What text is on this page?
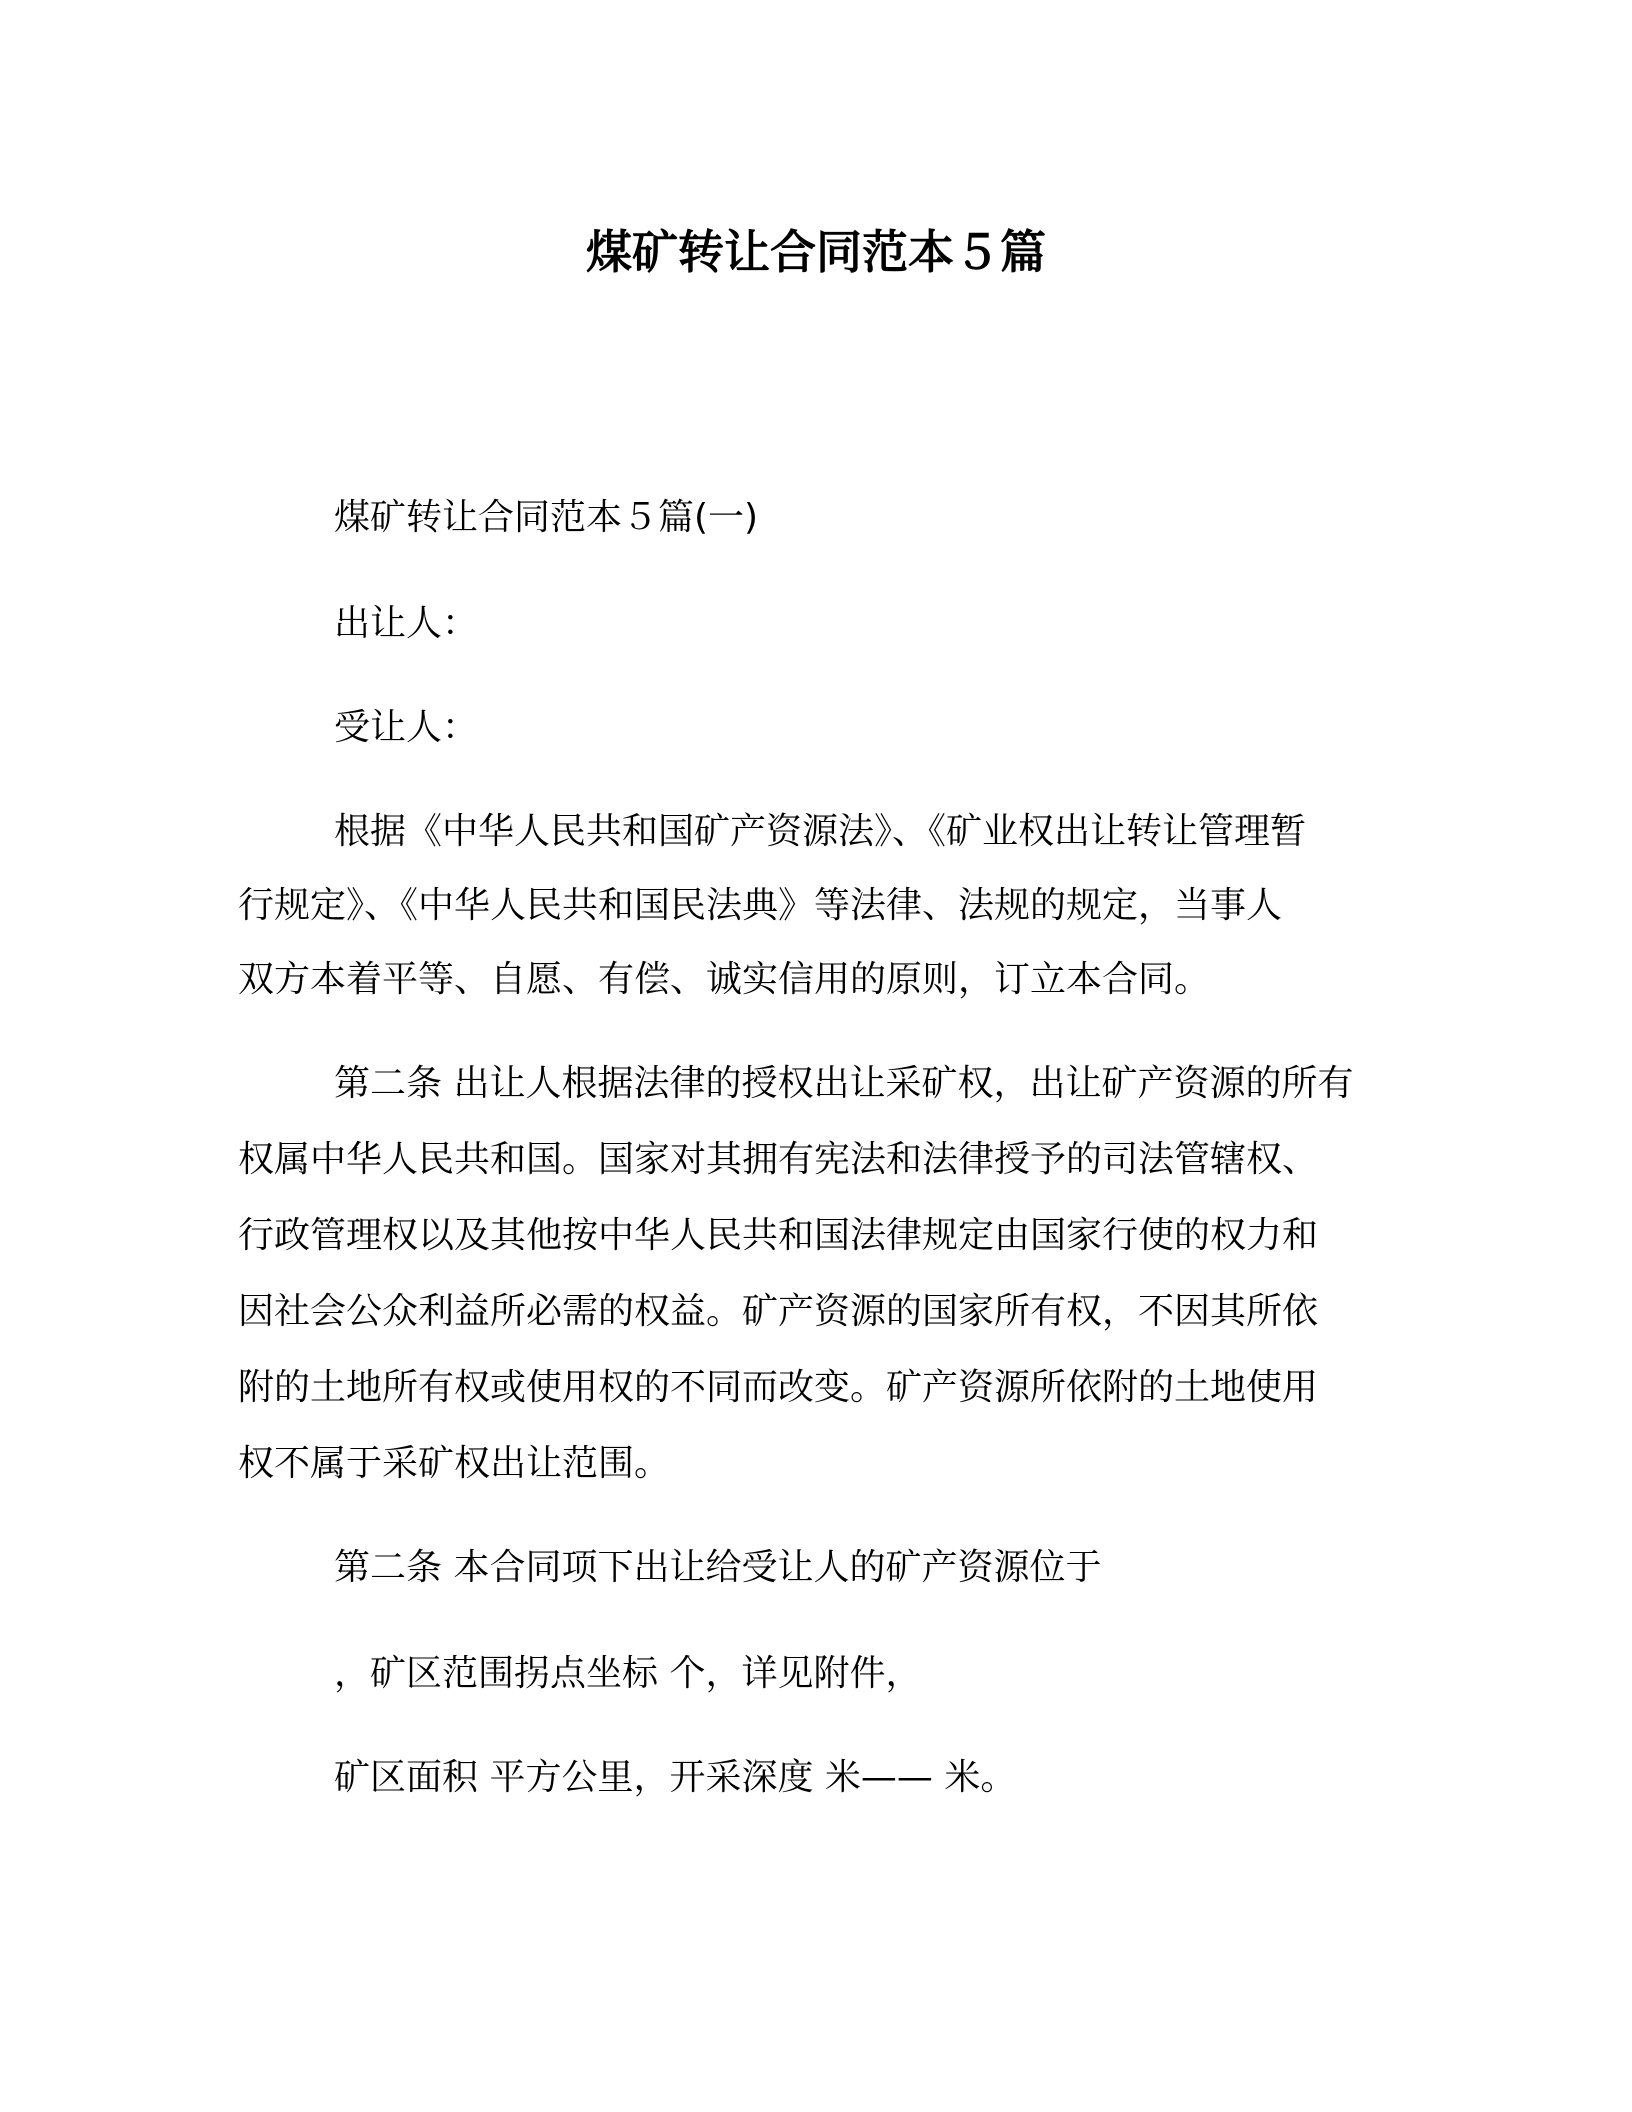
煤矿转让合同范本５篇
煤矿转让合同范本５篇(一)
出让人：
受让人：
根据《中华人民共和国矿产资源法》、《矿业权出让转让管理暂
行规定》、《中华人民共和国民法典》等法律、法规的规定，当事人
双方本着平等、自愿、有偿、诚实信用的原则，订立本合同。
第二条 出让人根据法律的授权出让采矿权，出让矿产资源的所有
权属中华人民共和国。国家对其拥有宪法和法律授予的司法管辖权、
行政管理权以及其他按中华人民共和国法律规定由国家行使的权力和
因社会公众利益所必需的权益。矿产资源的国家所有权，不因其所依
附的土地所有权或使用权的不同而改变。矿产资源所依附的土地使用
权不属于采矿权出让范围。
第二条 本合同项下出让给受让人的矿产资源位于
，矿区范围拐点坐标 个，详见附件，
矿区面积 平方公里，开采深度 米—— 米。
